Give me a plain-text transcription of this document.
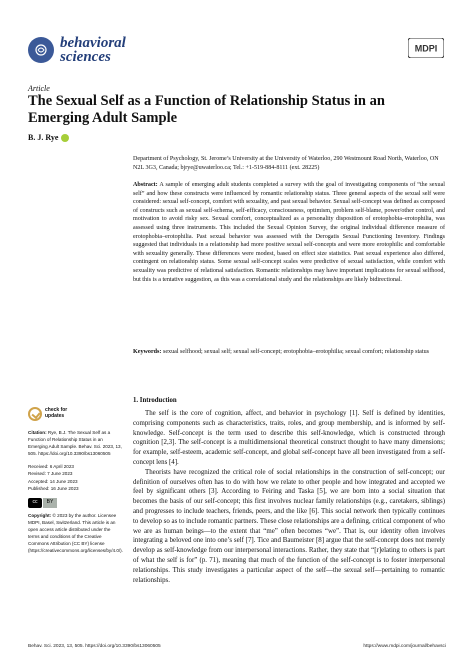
behavioral
sciences
MDPI
Article
The Sexual Self as a Function of Relationship Status in an Emerging Adult Sample
B. J. Rye
Department of Psychology, St. Jerome’s University at the University of Waterloo, 290 Westmount Road North, Waterloo, ON N2L 3G3, Canada; bjrye@uwaterloo.ca; Tel.: +1-519-884-8111 (ext. 28225)
Abstract: A sample of emerging adult students completed a survey with the goal of investigating components of “the sexual self” and how these constructs were influenced by romantic relationship status. Three general aspects of the sexual self were considered: sexual self-concept, comfort with sexuality, and past sexual behavior. Sexual self-concept was defined as composed of constructs such as sexual self-schema, self-efficacy, consciousness, optimism, problem self-blame, power/other control, and motivation to avoid risky sex. Sexual comfort, conceptualized as a personality disposition of erotophobia–erotophilia, was assessed using three instruments. This included the Sexual Opinion Survey, the original individual difference measure of erotophobia–erotophilia. Past sexual behavior was assessed with the Derogatis Sexual Functioning Inventory. Findings suggested that individuals in a relationship had more positive sexual self-concepts and were more erotophilic and comfortable with sexuality generally. These differences were modest, based on effect size statistics. Past sexual experience also differed, contingent on relationship status. Some sexual self-concept scales were predictive of sexual satisfaction, while comfort with sexuality was predictive of relational satisfaction. Romantic relationships may have important implications for sexual selfhood, but this is a tentative suggestion, as this was a correlational study and the relationships are likely bidirectional.
Keywords: sexual selfhood; sexual self; sexual self-concept; erotophobia–erotophilia; sexual comfort; relationship status
check for
updates
Citation: Rye, B.J. The Sexual Self as a Function of Relationship Status in an Emerging Adult Sample. Behav. Sci. 2023, 13, 505. https://doi.org/10.3390/bs13060505
Received: 6 April 2023
Revised: 7 June 2023
Accepted: 14 June 2023
Published: 16 June 2023
cc	BY
Copyright: © 2023 by the author. Licensee MDPI, Basel, Switzerland. This article is an open access article distributed under the terms and conditions of the Creative Commons Attribution (CC BY) license (https://creativecommons.org/licenses/by/4.0/).
1. Introduction

The self is the core of cognition, affect, and behavior in psychology [1]. Self is defined by identities, comprising components such as characteristics, traits, roles, and group membership, and is informed by self-knowledge. Self-concept is the term used to describe this self-knowledge, which is constructed through cognition [2,3]. The self-concept is a multidimensional theoretical construct thought to have many dimensions; for example, self-esteem, academic self-concept, and global self-concept have all been investigated from a self-concept lens [4].

Theorists have recognized the critical role of social relationships in the construction of self-concept; our definition of ourselves often has to do with how we relate to other people and how integrated and accepted we feel by significant others [3]. According to Feiring and Taska [5], we are born into a social situation that becomes the basis of our self-concept; this first involves nuclear family relationships (e.g., caretakers, siblings) and progresses to include teachers, friends, peers, and the like [6]. This social network then typically continues to develop so as to include romantic partners. These close relationships are a defining, critical component of who we are as human beings—to the extent that “me” often becomes “we”. That is, our identity often involves integrating a beloved one into one’s self [7]. Tice and Baumeister [8] argue that the self-concept does not merely develop as self-knowledge from our interpersonal interactions. Rather, they state that “[r]elating to others is part of what the self is for” (p. 71), meaning that much of the function of the self-concept is to foster interpersonal relationships. This study investigates a particular aspect of the self—the sexual self—pertaining to romantic relationships.

Behav. Sci. 2023, 13, 505. https://doi.org/10.3390/bs13060505	https://www.mdpi.com/journal/behavsci
